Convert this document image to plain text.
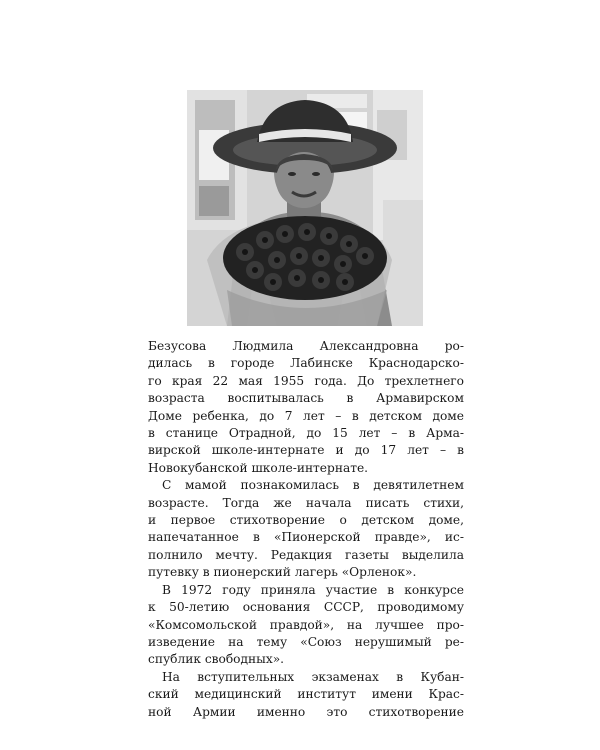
Безусова Людмила Александровна ро-

дилась в городе Лабинске Краснодарско-

го края 22 мая 1955 года. До трехлетнего

возраста воспитывалась в Армавирском

Доме ребенка, до 7 лет – в детском доме

в станице Отрадной, до 15 лет – в Арма-

вирской школе-интернате и до 17 лет – в

Новокубанской школе-интернате.

С мамой познакомилась в девятилетнем

возрасте. Тогда же начала писать стихи,

и первое стихотворение о детском доме,

напечатанное в «Пионерской правде», ис-

полнило мечту. Редакция газеты выделила

путевку в пионерский лагерь «Орленок».

В 1972 году приняла участие в конкурсе

к 50-летию основания СССР, проводимому

«Комсомольской правдой», на лучшее про-

изведение на тему «Союз нерушимый ре-

спублик свободных».

На вступительных экзаменах в Кубан-

ский медицинский институт имени Крас-

ной Армии именно это стихотворение
